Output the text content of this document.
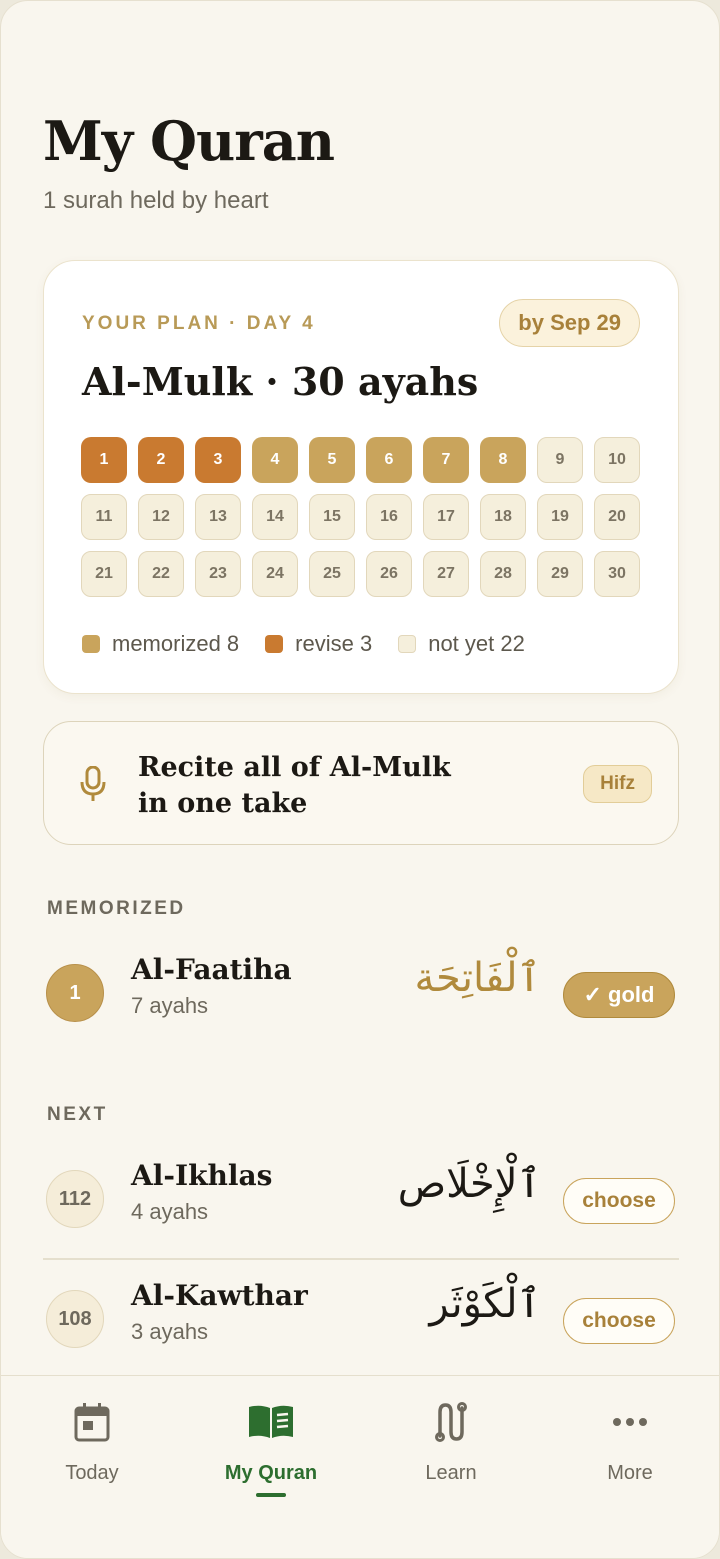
My Quran
1 surah held by heart
YOUR PLAN · DAY 4	by Sep 29
Al-Mulk · 30 ayahs
1	2	3	4	5	6	7	8	9	10
11	12	13	14	15	16	17	18	19	20
21	22	23	24	25	26	27	28	29	30
memorized 8	revise 3	not yet 22
Recite all of Al-Mulk
in one take
Hifz
MEMORIZED
1
Al-Faatiha
7 ayahs
ٱلْفَاتِحَة	✓ gold
NEXT
112
Al-Ikhlas
4 ayahs
ٱلْإِخْلَاص	choose
108
Al-Kawthar
3 ayahs
ٱلْكَوْثَر	choose
Today	My Quran	Learn	More
